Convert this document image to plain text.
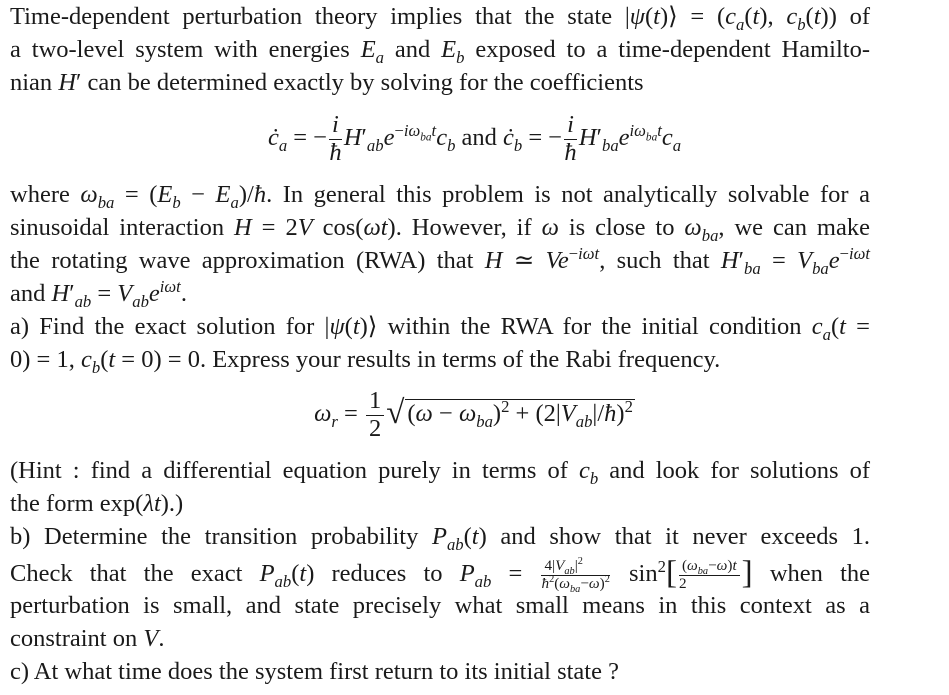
Time-dependent perturbation theory implies that the state |ψ(t)⟩ = ($c_a(t)$, $c_b(t)$) of
a two-level system with energies $E_a$ and $E_b$ exposed to a time-dependent Hamilto-
nian H′ can be determined exactly by solving for the coefficients
$ċ_a$ = − $\frac{i}{ħ} H'_{ab}e^{-i\omega_{ba}t}c_b$ and $ċ_b$ = − $\frac{i}{ħ} H'_{ba}e^{i\omega_{ba}t}c_a$
where $\omega_{ba} = (E_b$ − $E_a)/ħ$. In general this problem is not analytically solvable for a
sinusoidal interaction H = 2V cos(ωt). However, if ω is close to $\omega_{ba}$, we can make
the rotating wave approximation (RWA) that H ≃ $Ve^{-i\omega t}$, such that $H'_{ba} = V_{ba}e^{-i\omega t}$
and $H'_{ab} = V_{ab}e^{i\omega t}$.
a) Find the exact solution for |ψ(t)⟩ within the RWA for the initial condition $c_a(t$ =
0) = 1, $c_b(t = 0) = 0$. Express your results in terms of the Rabi frequency.
$\omega_r = \frac{1}{2}$ √ $(\omega - \omega_{ba})^2$ + $(2|V_{ab}|/ħ)^2$
(Hint : find a differential equation purely in terms of $c_b$ and look for solutions of
the form exp(λt).)
b) Determine the transition probability $P_{ab}(t)$ and show that it never exceeds 1.
Check that the exact $P_{ab}(t)$ reduces to $P_{ab} = \frac{4|V_{ab}|^2}{ħ^2(\omega_{ba}-\omega)^2} \sin^2[ \frac{(\omega_{ba}-\omega)t}{2}$ ] when the
perturbation is small, and state precisely what small means in this context as a
constraint on V.
c) At what time does the system first return to its initial state ?
